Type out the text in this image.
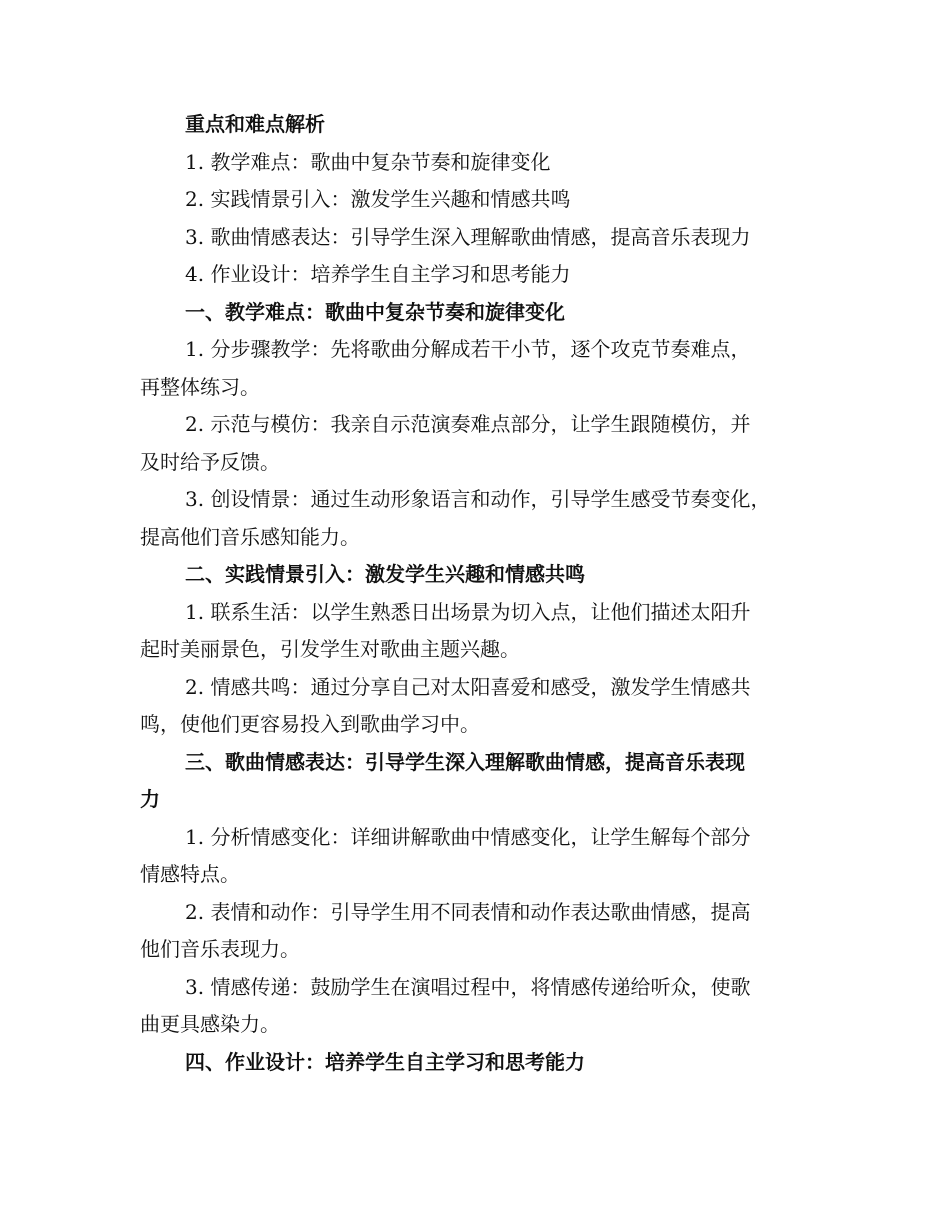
重点和难点解析

1. 教学难点：歌曲中复杂节奏和旋律变化

2. 实践情景引入：激发学生兴趣和情感共鸣

3. 歌曲情感表达：引导学生深入理解歌曲情感，提高音乐表现力

4. 作业设计：培养学生自主学习和思考能力

一、教学难点：歌曲中复杂节奏和旋律变化

1. 分步骤教学：先将歌曲分解成若干小节，逐个攻克节奏难点，

再整体练习。

2. 示范与模仿：我亲自示范演奏难点部分，让学生跟随模仿，并

及时给予反馈。

3. 创设情景：通过生动形象语言和动作，引导学生感受节奏变化，

提高他们音乐感知能力。

二、实践情景引入：激发学生兴趣和情感共鸣

1. 联系生活：以学生熟悉日出场景为切入点，让他们描述太阳升

起时美丽景色，引发学生对歌曲主题兴趣。

2. 情感共鸣：通过分享自己对太阳喜爱和感受，激发学生情感共

鸣，使他们更容易投入到歌曲学习中。

三、歌曲情感表达：引导学生深入理解歌曲情感，提高音乐表现

力

1. 分析情感变化：详细讲解歌曲中情感变化，让学生解每个部分

情感特点。

2. 表情和动作：引导学生用不同表情和动作表达歌曲情感，提高

他们音乐表现力。

3. 情感传递：鼓励学生在演唱过程中，将情感传递给听众，使歌

曲更具感染力。

四、作业设计：培养学生自主学习和思考能力
